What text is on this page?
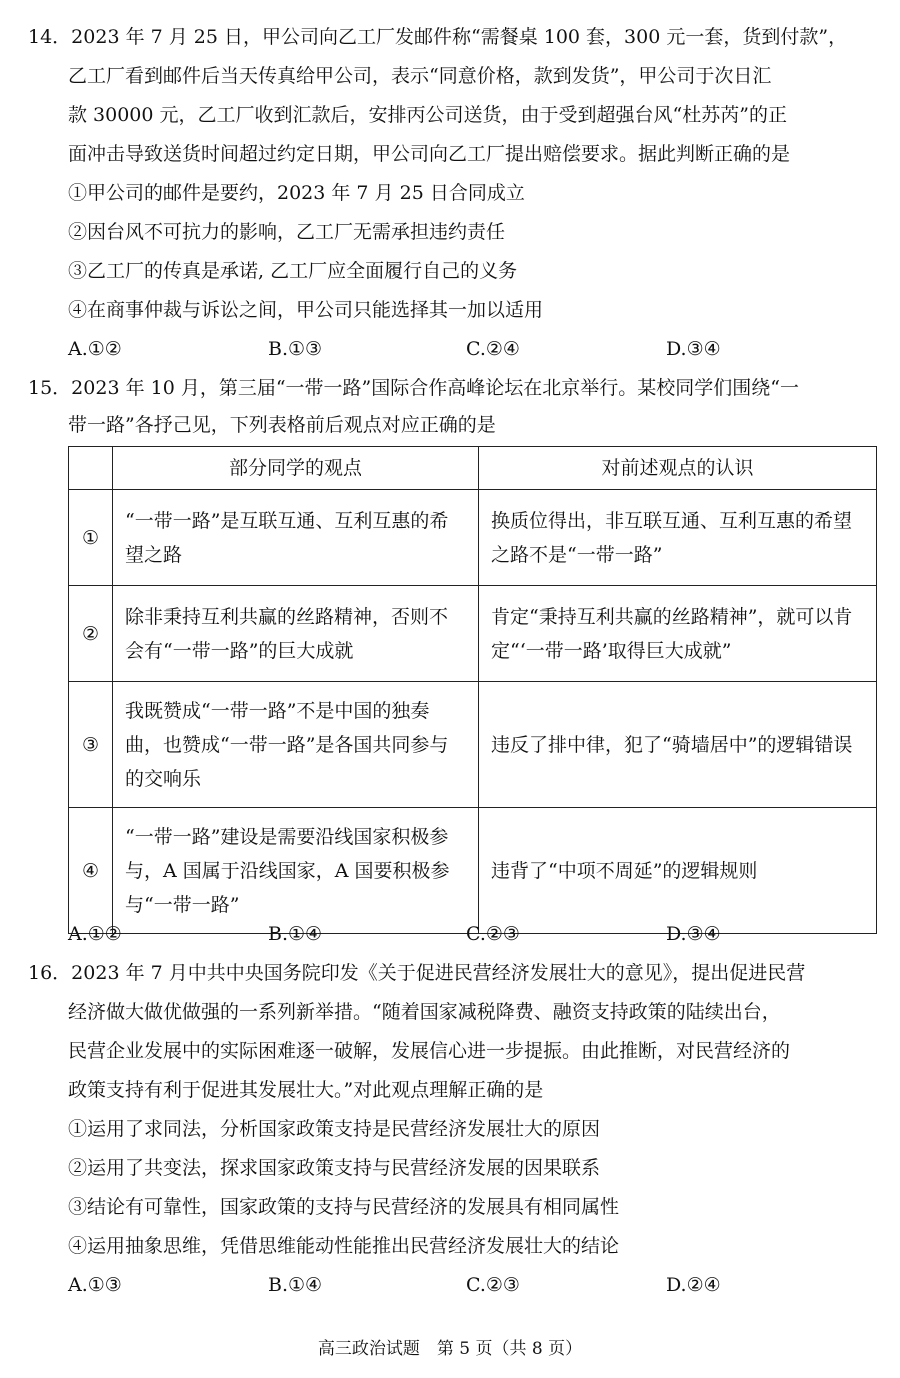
14．2023 年 7 月 25 日，甲公司向乙工厂发邮件称“需餐桌 100 套，300 元一套，货到付款”，
乙工厂看到邮件后当天传真给甲公司，表示“同意价格，款到发货”，甲公司于次日汇
款 30000 元，乙工厂收到汇款后，安排丙公司送货，由于受到超强台风“杜苏芮”的正
面冲击导致送货时间超过约定日期，甲公司向乙工厂提出赔偿要求。据此判断正确的是
①甲公司的邮件是要约，2023 年 7 月 25 日合同成立
②因台风不可抗力的影响，乙工厂无需承担违约责任
③乙工厂的传真是承诺, 乙工厂应全面履行自己的义务
④在商事仲裁与诉讼之间，甲公司只能选择其一加以适用
A.①②	B.①③	C.②④	D.③④
15．2023 年 10 月，第三届“一带一路”国际合作高峰论坛在北京举行。某校同学们围绕“一
带一路”各抒己见，下列表格前后观点对应正确的是
	部分同学的观点	对前述观点的认识
①	“一带一路”是互联互通、互利互惠的希望之路	换质位得出，非互联互通、互利互惠的希望之路不是“一带一路”
②	除非秉持互利共赢的丝路精神，否则不会有“一带一路”的巨大成就	肯定“秉持互利共赢的丝路精神”，就可以肯定“‘一带一路’取得巨大成就”
③	我既赞成“一带一路”不是中国的独奏曲，也赞成“一带一路”是各国共同参与的交响乐	违反了排中律，犯了“骑墙居中”的逻辑错误
④	“一带一路”建设是需要沿线国家积极参与，A 国属于沿线国家，A 国要积极参与“一带一路”	违背了“中项不周延”的逻辑规则
A.①②	B.①④	C.②③	D.③④
16．2023 年 7 月中共中央国务院印发《关于促进民营经济发展壮大的意见》，提出促进民营
经济做大做优做强的一系列新举措。“随着国家减税降费、融资支持政策的陆续出台，
民营企业发展中的实际困难逐一破解，发展信心进一步提振。由此推断，对民营经济的
政策支持有利于促进其发展壮大。”对此观点理解正确的是
①运用了求同法，分析国家政策支持是民营经济发展壮大的原因
②运用了共变法，探求国家政策支持与民营经济发展的因果联系
③结论有可靠性，国家政策的支持与民营经济的发展具有相同属性
④运用抽象思维，凭借思维能动性能推出民营经济发展壮大的结论
A.①③	B.①④	C.②③	D.②④
高三政治试题　第 5 页（共 8 页）
